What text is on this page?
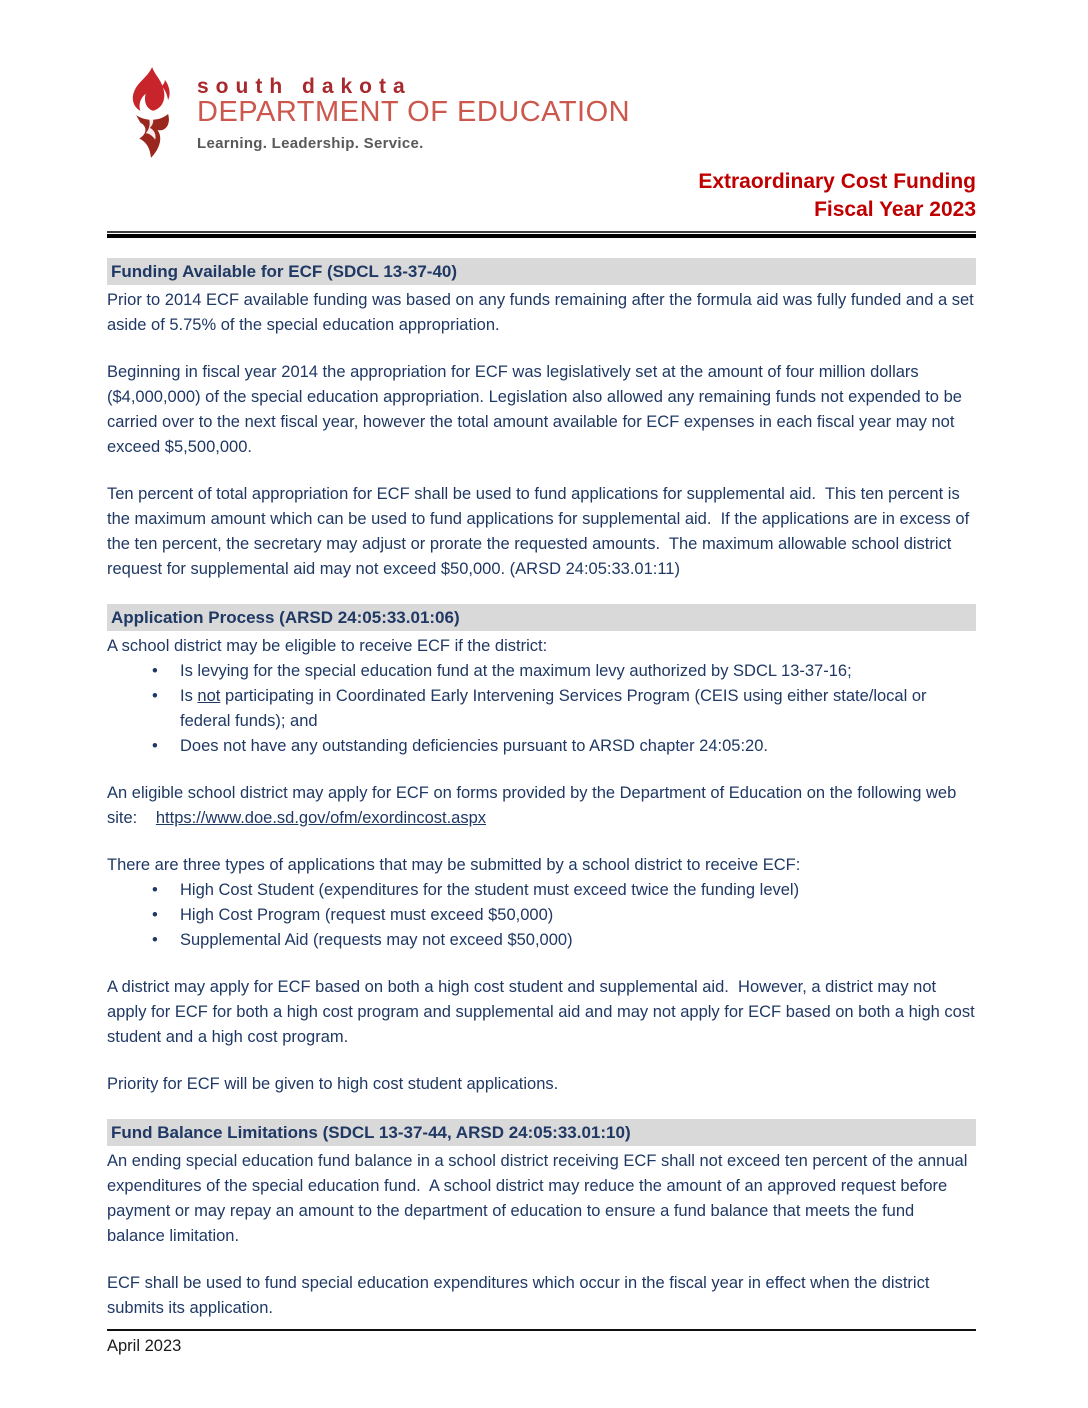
south dakota
DEPARTMENT OF EDUCATION
Learning. Leadership. Service.
Extraordinary Cost Funding
Fiscal Year 2023
Funding Available for ECF (SDCL 13-37-40)

Prior to 2014 ECF available funding was based on any funds remaining after the formula aid was fully funded and a set aside of 5.75% of the special education appropriation.

Beginning in fiscal year 2014 the appropriation for ECF was legislatively set at the amount of four million dollars ($4,000,000) of the special education appropriation. Legislation also allowed any remaining funds not expended to be carried over to the next fiscal year, however the total amount available for ECF expenses in each fiscal year may not exceed $5,500,000.

Ten percent of total appropriation for ECF shall be used to fund applications for supplemental aid.  This ten percent is the maximum amount which can be used to fund applications for supplemental aid.  If the applications are in excess of the ten percent, the secretary may adjust or prorate the requested amounts.  The maximum allowable school district request for supplemental aid may not exceed $50,000. (ARSD 24:05:33.01:11)

Application Process (ARSD 24:05:33.01:06)

A school district may be eligible to receive ECF if the district:

• Is levying for the special education fund at the maximum levy authorized by SDCL 13-37-16;
• Is not participating in Coordinated Early Intervening Services Program (CEIS using either state/local or federal funds); and
• Does not have any outstanding deficiencies pursuant to ARSD chapter 24:05:20.

An eligible school district may apply for ECF on forms provided by the Department of Education on the following web site: https://www.doe.sd.gov/ofm/exordincost.aspx

There are three types of applications that may be submitted by a school district to receive ECF:

• High Cost Student (expenditures for the student must exceed twice the funding level)
• High Cost Program (request must exceed $50,000)
• Supplemental Aid (requests may not exceed $50,000)

A district may apply for ECF based on both a high cost student and supplemental aid.  However, a district may not apply for ECF for both a high cost program and supplemental aid and may not apply for ECF based on both a high cost student and a high cost program.

Priority for ECF will be given to high cost student applications.

Fund Balance Limitations (SDCL 13-37-44, ARSD 24:05:33.01:10)

An ending special education fund balance in a school district receiving ECF shall not exceed ten percent of the annual expenditures of the special education fund.  A school district may reduce the amount of an approved request before payment or may repay an amount to the department of education to ensure a fund balance that meets the fund balance limitation.

ECF shall be used to fund special education expenditures which occur in the fiscal year in effect when the district submits its application.

April 2023
